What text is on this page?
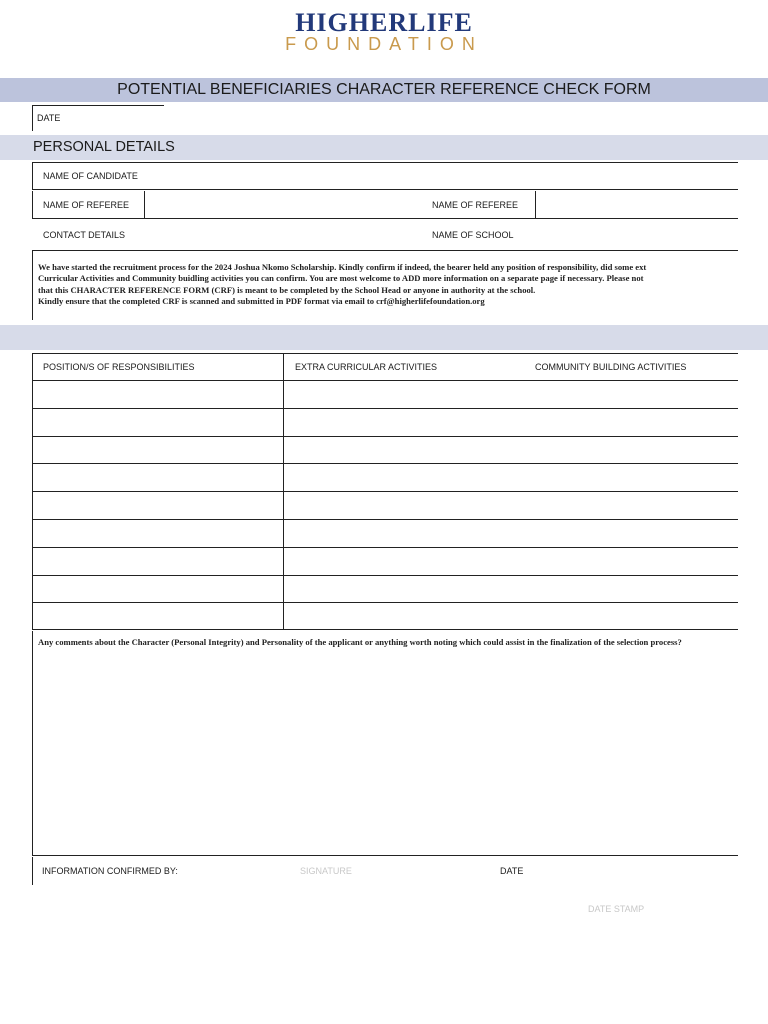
HIGHERLIFE
FOUNDATION
POTENTIAL BENEFICIARIES CHARACTER REFERENCE CHECK FORM
DATE
PERSONAL DETAILS
NAME OF CANDIDATE
NAME OF REFEREE	NAME OF REFEREE
CONTACT DETAILS	NAME OF SCHOOL
We have started the recruitment process for the 2024 Joshua Nkomo Scholarship. Kindly confirm if indeed, the bearer held any position of responsibility, did some ext
Curricular Activities and Community buidling activities you can confirm. You are most welcome to ADD more information on a separate page if necessary. Please not
that this CHARACTER REFERENCE FORM (CRF) is meant to be completed by the School Head or anyone in authority at the school.
Kindly ensure that the completed CRF is scanned and submitted in PDF format via email to crf@higherlifefoundation.org
POSITION/S OF RESPONSIBILITIES	EXTRA CURRICULAR ACTIVITIES	COMMUNITY BUILDING ACTIVITIES
Any comments about the Character (Personal Integrity) and Personality of the applicant or anything worth noting which could assist in the finalization of the selection process?
INFORMATION CONFIRMED BY:	SIGNATURE	DATE
DATE STAMP
